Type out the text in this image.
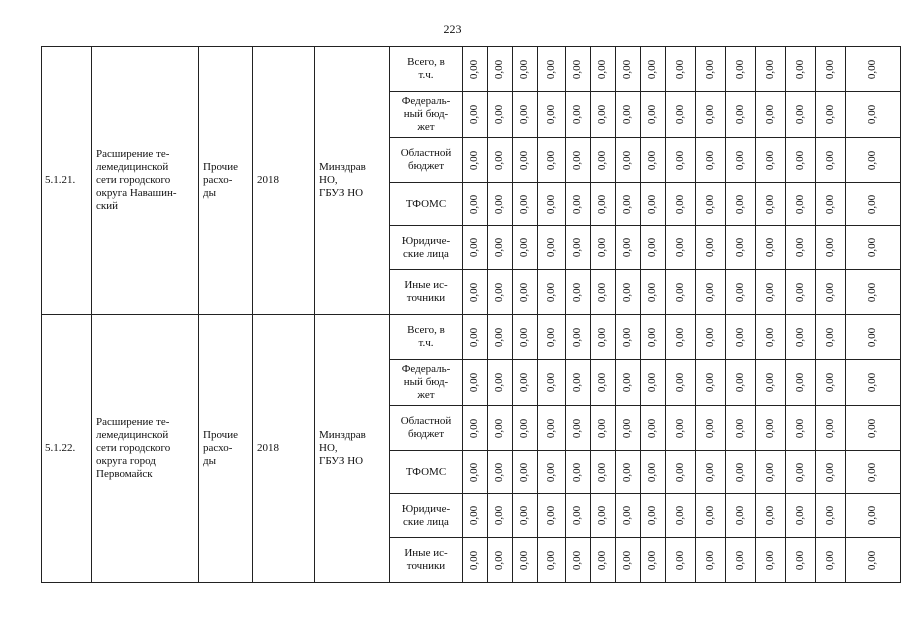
223
5.1.21.	Расширение те-
лемедицинской
сети городского
округа Навашин-
ский	Прочие
расхо-
ды	2018	Минздрав
НО,
ГБУЗ НО	Всего, в
т.ч.	0,00	0,00	0,00	0,00	0,00	0,00	0,00	0,00	0,00	0,00	0,00	0,00	0,00	0,00	0,00

					Федераль-
ный бюд-
жет	0,00	0,00	0,00	0,00	0,00	0,00	0,00	0,00	0,00	0,00	0,00	0,00	0,00	0,00	0,00

					Областной
бюджет	0,00	0,00	0,00	0,00	0,00	0,00	0,00	0,00	0,00	0,00	0,00	0,00	0,00	0,00	0,00

					ТФОМС	0,00	0,00	0,00	0,00	0,00	0,00	0,00	0,00	0,00	0,00	0,00	0,00	0,00	0,00	0,00

					Юридиче-
ские лица	0,00	0,00	0,00	0,00	0,00	0,00	0,00	0,00	0,00	0,00	0,00	0,00	0,00	0,00	0,00

					Иные ис-
точники	0,00	0,00	0,00	0,00	0,00	0,00	0,00	0,00	0,00	0,00	0,00	0,00	0,00	0,00	0,00
5.1.22.	Расширение те-
лемедицинской
сети городского
округа город
Первомайск	Прочие
расхо-
ды	2018	Минздрав
НО,
ГБУЗ НО	Всего, в
т.ч.	0,00	0,00	0,00	0,00	0,00	0,00	0,00	0,00	0,00	0,00	0,00	0,00	0,00	0,00	0,00

					Федераль-
ный бюд-
жет	0,00	0,00	0,00	0,00	0,00	0,00	0,00	0,00	0,00	0,00	0,00	0,00	0,00	0,00	0,00

					Областной
бюджет	0,00	0,00	0,00	0,00	0,00	0,00	0,00	0,00	0,00	0,00	0,00	0,00	0,00	0,00	0,00

					ТФОМС	0,00	0,00	0,00	0,00	0,00	0,00	0,00	0,00	0,00	0,00	0,00	0,00	0,00	0,00	0,00

					Юридиче-
ские лица	0,00	0,00	0,00	0,00	0,00	0,00	0,00	0,00	0,00	0,00	0,00	0,00	0,00	0,00	0,00

					Иные ис-
точники	0,00	0,00	0,00	0,00	0,00	0,00	0,00	0,00	0,00	0,00	0,00	0,00	0,00	0,00	0,00
